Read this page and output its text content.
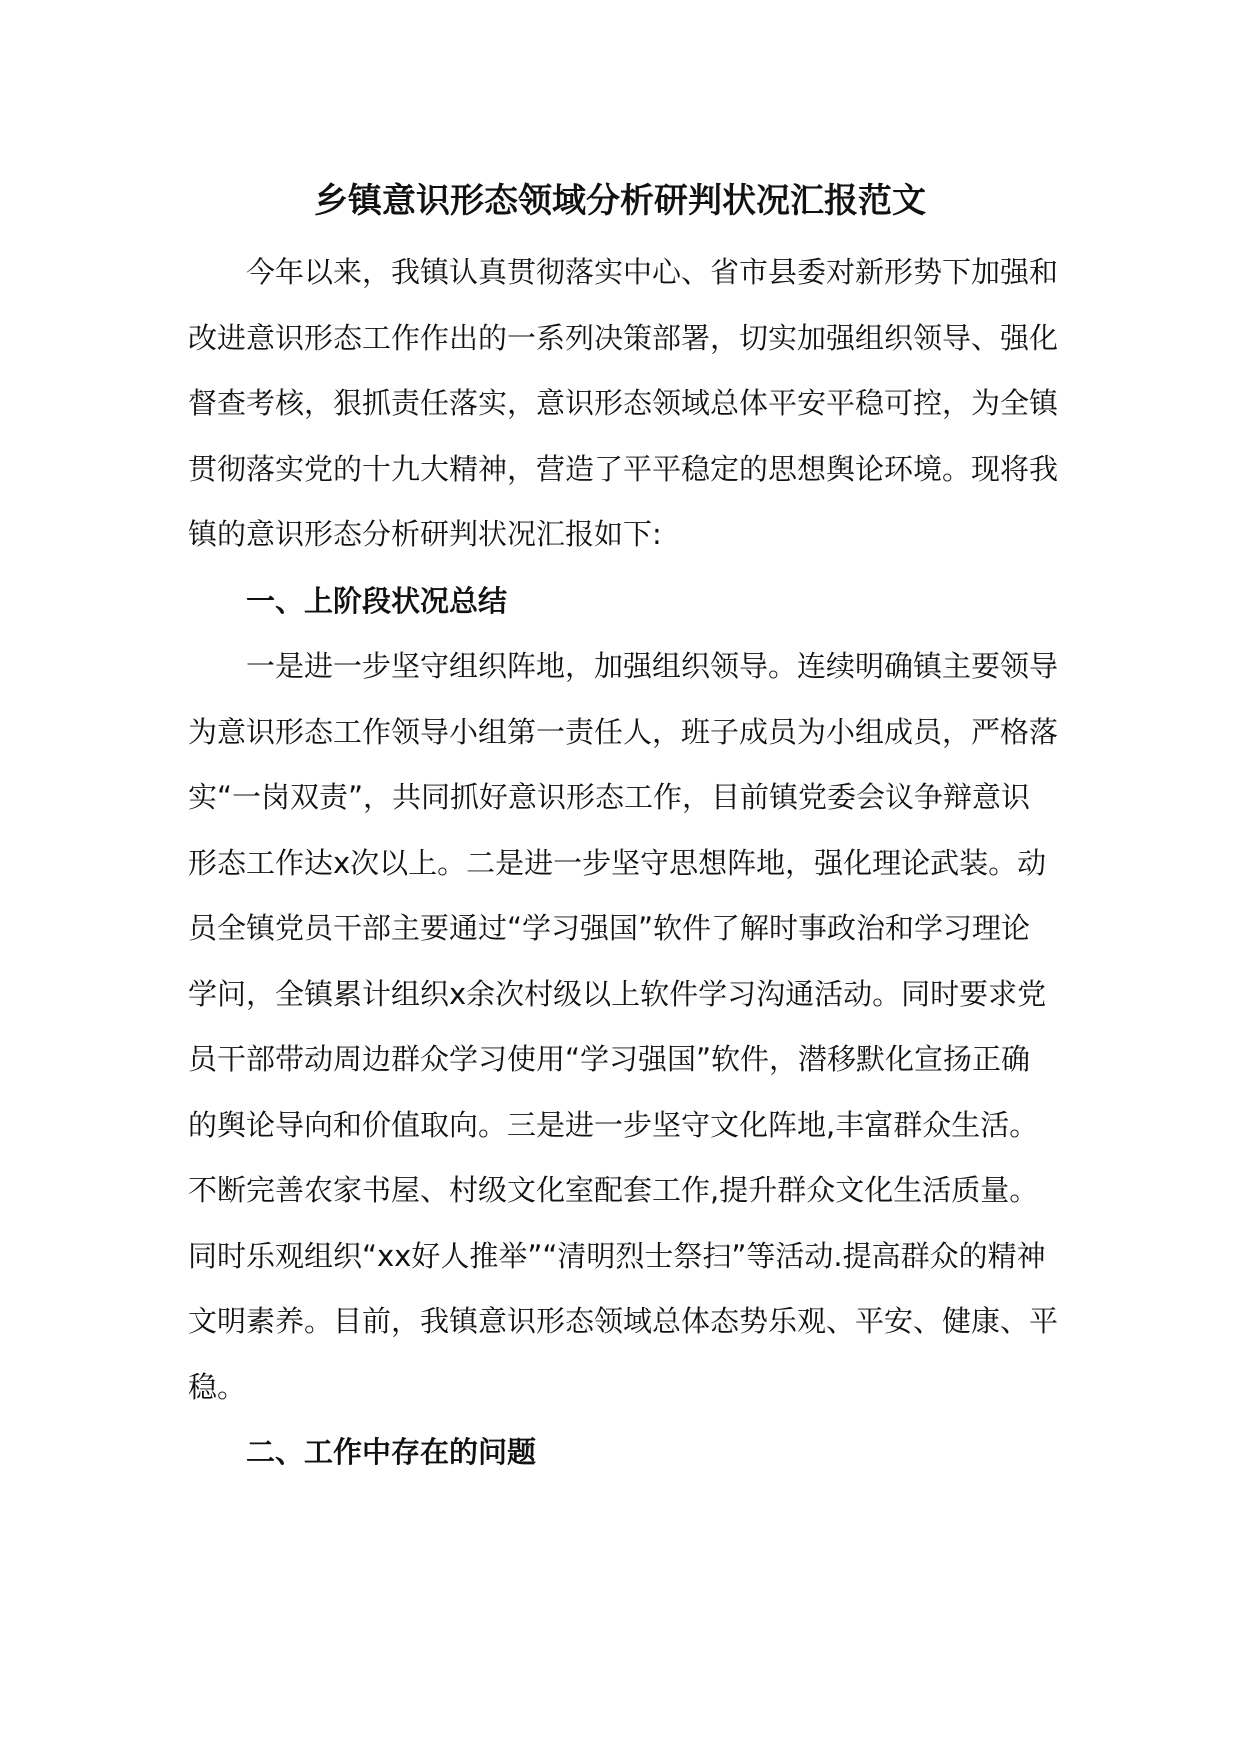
乡镇意识形态领域分析研判状况汇报范文

今年以来，我镇认真贯彻落实中心、省市县委对新形势下加强和改进意识形态工作作出的一系列决策部署，切实加强组织领导、强化督查考核，狠抓责任落实，意识形态领域总体平安平稳可控，为全镇贯彻落实党的十九大精神，营造了平平稳定的思想舆论环境。现将我镇的意识形态分析研判状况汇报如下:

一、上阶段状况总结

一是进一步坚守组织阵地，加强组织领导。连续明确镇主要领导为意识形态工作领导小组第一责任人，班子成员为小组成员，严格落实“一岗双责”，共同抓好意识形态工作，目前镇党委会议争辩意识形态工作达x次以上。二是进一步坚守思想阵地，强化理论武装。动员全镇党员干部主要通过“学习强国”软件了解时事政治和学习理论学问，全镇累计组织x余次村级以上软件学习沟通活动。同时要求党员干部带动周边群众学习使用“学习强国”软件，潜移默化宣扬正确的舆论导向和价值取向。三是进一步坚守文化阵地,丰富群众生活。不断完善农家书屋、村级文化室配套工作,提升群众文化生活质量。同时乐观组织“xx好人推举”“清明烈士祭扫”等活动.提高群众的精神文明素养。目前，我镇意识形态领域总体态势乐观、平安、健康、平稳。

二、工作中存在的问题
